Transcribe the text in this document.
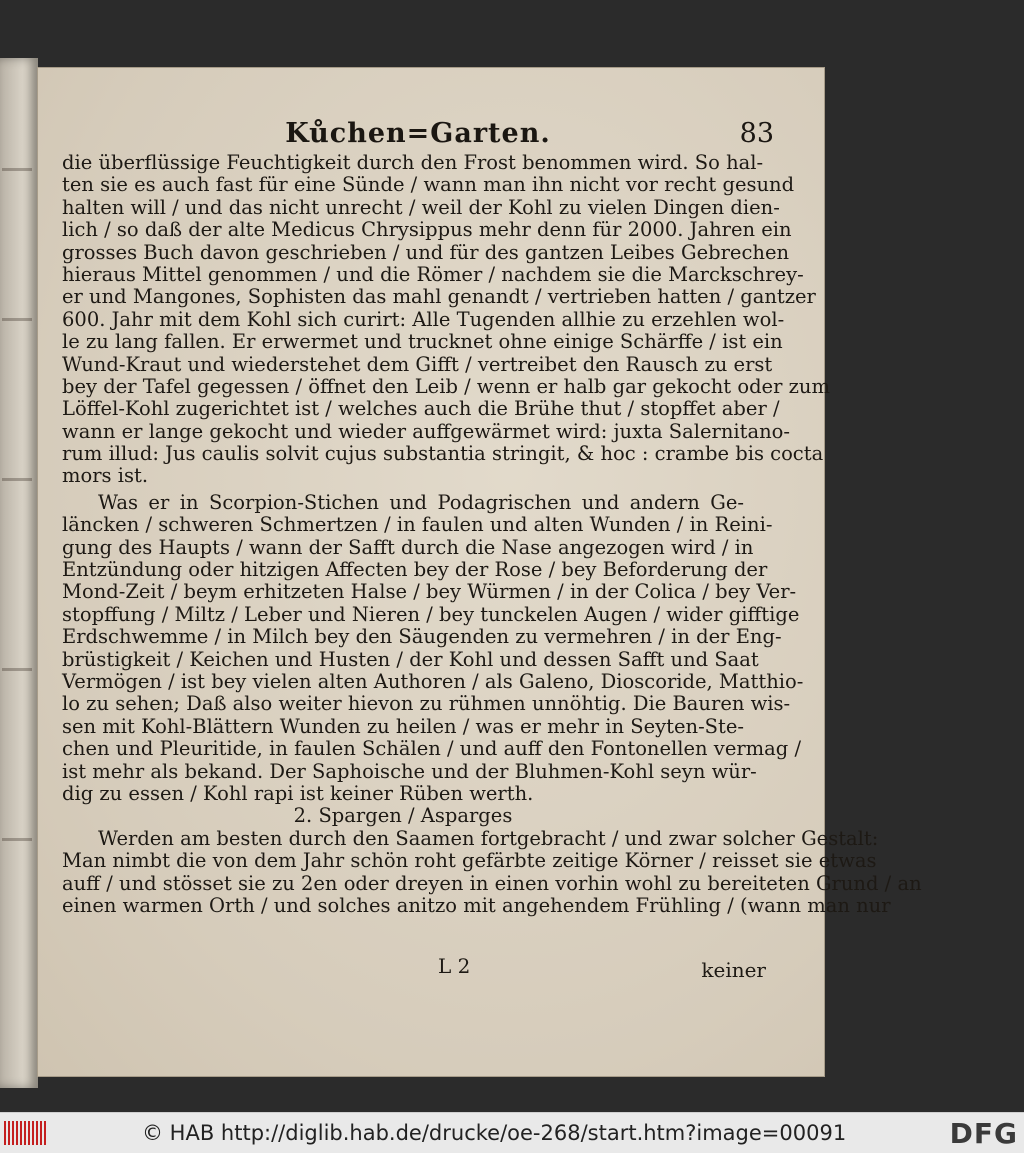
Kůchen=Garten.	83
die überflüssige Feuchtigkeit durch den Frost benommen wird. So hal-
ten sie es auch fast für eine Sünde / wann man ihn nicht vor recht gesund
halten will / und das nicht unrecht / weil der Kohl zu vielen Dingen dien-
lich / so daß der alte Medicus Chrysippus mehr denn für 2000. Jahren ein
grosses Buch davon geschrieben / und für des gantzen Leibes Gebrechen
hieraus Mittel genommen / und die Römer / nachdem sie die Marckschrey-
er und Mangones, Sophisten das mahl genandt / vertrieben hatten / gantzer
600. Jahr mit dem Kohl sich curirt: Alle Tugenden allhie zu erzehlen wol-
le zu lang fallen. Er erwermet und trucknet ohne einige Schärffe / ist ein
Wund-Kraut und wiederstehet dem Gifft / vertreibet den Rausch zu erst
bey der Tafel gegessen / öffnet den Leib / wenn er halb gar gekocht oder zum
Löffel-Kohl zugerichtet ist / welches auch die Brühe thut / stopffet aber /
wann er lange gekocht und wieder auffgewärmet wird: juxta Salernitano-
rum illud: Jus caulis solvit cujus substantia stringit, & hoc : crambe bis cocta
mors ist.
Was er in Scorpion-Stichen und Podagrischen und andern Ge-
läncken / schweren Schmertzen / in faulen und alten Wunden / in Reini-
gung des Haupts / wann der Safft durch die Nase angezogen wird / in
Entzündung oder hitzigen Affecten bey der Rose / bey Beforderung der
Mond-Zeit / beym erhitzeten Halse / bey Würmen / in der Colica / bey Ver-
stopffung / Miltz / Leber und Nieren / bey tunckelen Augen / wider gifftige
Erdschwemme / in Milch bey den Säugenden zu vermehren / in der Eng-
brüstigkeit / Keichen und Husten / der Kohl und dessen Safft und Saat
Vermögen / ist bey vielen alten Authoren / als Galeno, Dioscoride, Matthio-
lo zu sehen; Daß also weiter hievon zu rühmen unnöhtig. Die Bauren wis-
sen mit Kohl-Blättern Wunden zu heilen / was er mehr in Seyten-Ste-
chen und Pleuritide, in faulen Schälen / und auff den Fontonellen vermag /
ist mehr als bekand. Der Saphoische und der Bluhmen-Kohl seyn wür-
dig zu essen / Kohl rapi ist keiner Rüben werth.
2. Spargen / Asparges
Werden am besten durch den Saamen fortgebracht / und zwar solcher Gestalt:
Man nimbt die von dem Jahr schön roht gefärbte zeitige Körner / reisset sie etwas
auff / und stösset sie zu 2en oder dreyen in einen vorhin wohl zu bereiteten Grund / an
einen warmen Orth / und solches anitzo mit angehendem Frühling / (wann man nur
L 2	keiner
© HAB http://diglib.hab.de/drucke/oe-268/start.htm?image=00091	DFG
